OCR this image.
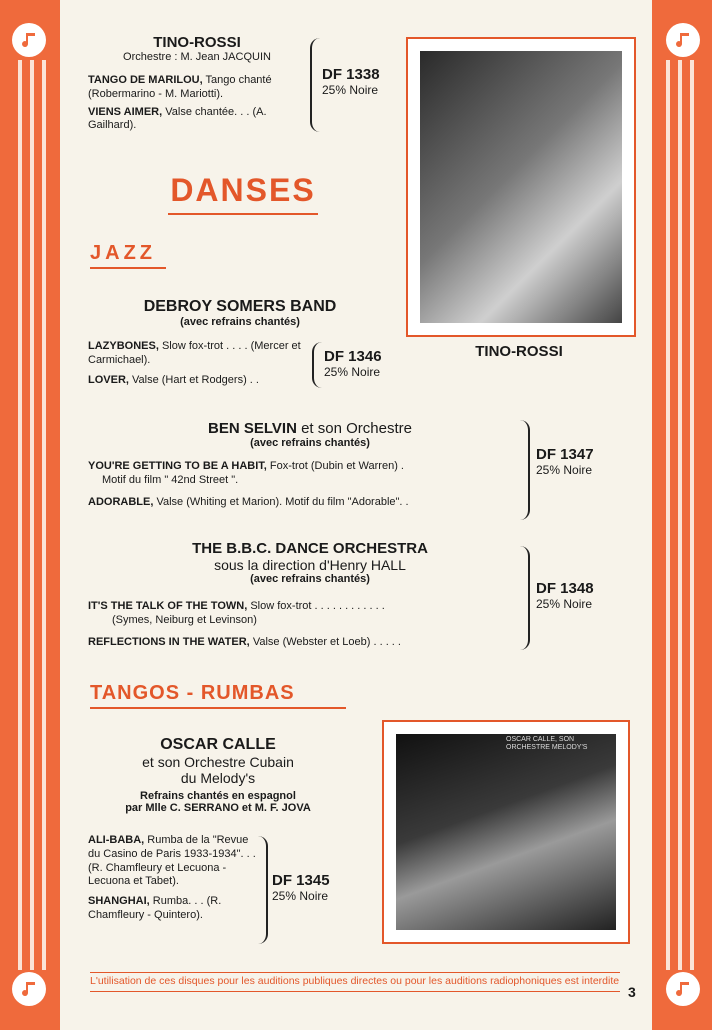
TINO-ROSSI
Orchestre : M. Jean JACQUIN
TANGO DE MARILOU, Tango chanté (Robermarino - M. Mariotti).
VIENS AIMER, Valse chantée. . . (A. Gailhard).
DF 1338
25% Noire
TINO-ROSSI
DANSES
JAZZ
DEBROY SOMERS BAND
(avec refrains chantés)
LAZYBONES, Slow fox-trot . . . . (Mercer et Carmichael).
LOVER, Valse (Hart et Rodgers) . .
DF 1346
25% Noire
BEN SELVIN et son Orchestre
(avec refrains chantés)
YOU'RE GETTING TO BE A HABIT, Fox-trot (Dubin et Warren) .
Motif du film " 42nd Street ".
ADORABLE, Valse (Whiting et Marion). Motif du film "Adorable". .
DF 1347
25% Noire
THE B.B.C. DANCE ORCHESTRA
sous la direction d'Henry HALL
(avec refrains chantés)
IT'S THE TALK OF THE TOWN, Slow fox-trot . . . . . . . . . . . .
(Symes, Neiburg et Levinson)
REFLECTIONS IN THE WATER, Valse (Webster et Loeb) . . . . .
DF 1348
25% Noire
TANGOS - RUMBAS
OSCAR CALLE
et son Orchestre Cubain
du Melody's
Refrains chantés en espagnol
par Mlle C. SERRANO et M. F. JOVA
ALI-BABA, Rumba de la "Revue du Casino de Paris 1933-1934". . . (R. Chamfleury et Lecuona - Lecuona et Tabet).
SHANGHAI, Rumba. . . (R. Chamfleury - Quintero).
DF 1345
25% Noire
OSCAR CALLE, SON ORCHESTRE MELODY'S
L'utilisation de ces disques pour les auditions publiques directes ou pour les auditions radiophoniques est interdite
3
